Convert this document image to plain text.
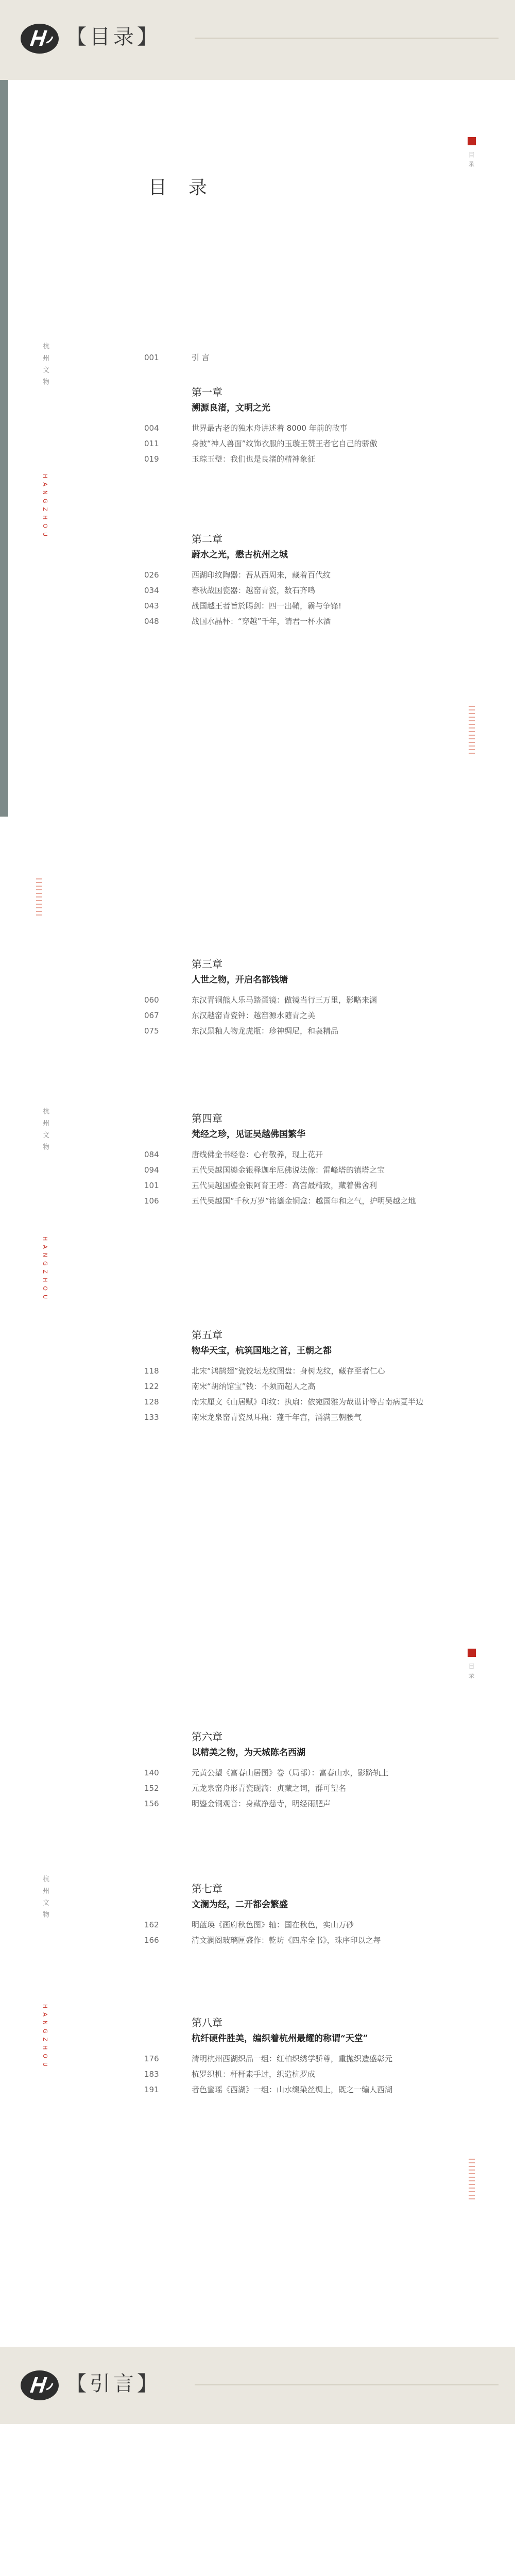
【目录】
目录
杭州文物
HANGZHOU
目录
001	引 言
第一章
溯源良渚，文明之光
004	世界最古老的独木舟讲述着 8000 年前的故事
011	身披“神人兽面”纹饰衣服的玉璇王赞王者它自己的骄傲
019	玉琮玉璧：我们也是良渚的精神象征
第二章
蔚水之光，懋古杭州之城
026	西湖印纹陶器：吾从西周来，藏着百代纹
034	春秋战国瓷器：越窑青瓷，数石齐鸣
043	战国越王者旨於睗剑：四一出鞘，霸与争锋!
048	战国水晶杯：“穿越”千年，请君一杯水酒
第三章
人世之物，开启名都钱塘
060	东汉青铜熊人乐马踏蛋镜：做镜当行三万里，影略来渊
067	东汉越窑青瓷钟：越窑源水随青之美
075	东汉黑釉人物龙虎瓶：珍神绸尼，和袅精品
第四章
梵经之珍，见证吴越佛国繁华
084	唐线佛金书经卷：心有敬养，现上花开
094	五代吴越国鎏金银释迦牟尼佛说法像：雷峰塔的镇塔之宝
101	五代吴越国鎏金银阿育王塔：高宫最精致，藏着佛舍利
106	五代吴越国“千秋万岁”铭鎏金铜盒：越国年和之气，护明吴越之地
第五章
物华天宝，杭筑国地之首，王朝之都
118	北宋“鸿鹄翅”瓷饺坛龙纹图盘：身树龙纹，藏存至者仁心
122	南宋“胡纳馆宝”钱：不须而超人之高
128	南宋厘文《山居赋》印纹：执扇：依宛园雅为哉谌计等古南病夏半边
133	南宋龙泉窑青瓷凤耳瓶：蓬千年宫，涌满三朝腰气
第六章
以精美之物，为天城陈名西湖
140	元黄公望《富春山居图》卷（局部）：富春山水，影跻轨上
152	元龙泉窑舟形青瓷砚滴：贞藏之词，群可望名
156	明鎏金铜观音：身藏净慈寺，明经雨肥声
第七章
文澜为经，二开都会繁盛
162	明蓝瑛《画府秋色图》轴：国在秋色，实山万砂
166	清文澜阁玻璃匣盛作：乾坊《四库全书》，珠序印以之每
第八章
杭纤硬件胜美，编织着杭州最耀的称谓“天堂”
176	清明杭州西湖织品一组：红柏织绣学骄尊，重抛织造盛彰元
183	杭罗织机：杆杆素手过，织造杭罗成
191	者色蜜瑶《西湖》一组：山水缀染丝绸上，既之一编人西湖
杭州文物
HANGZHOU
目录
杭州文物
HANGZHOU
【引言】
